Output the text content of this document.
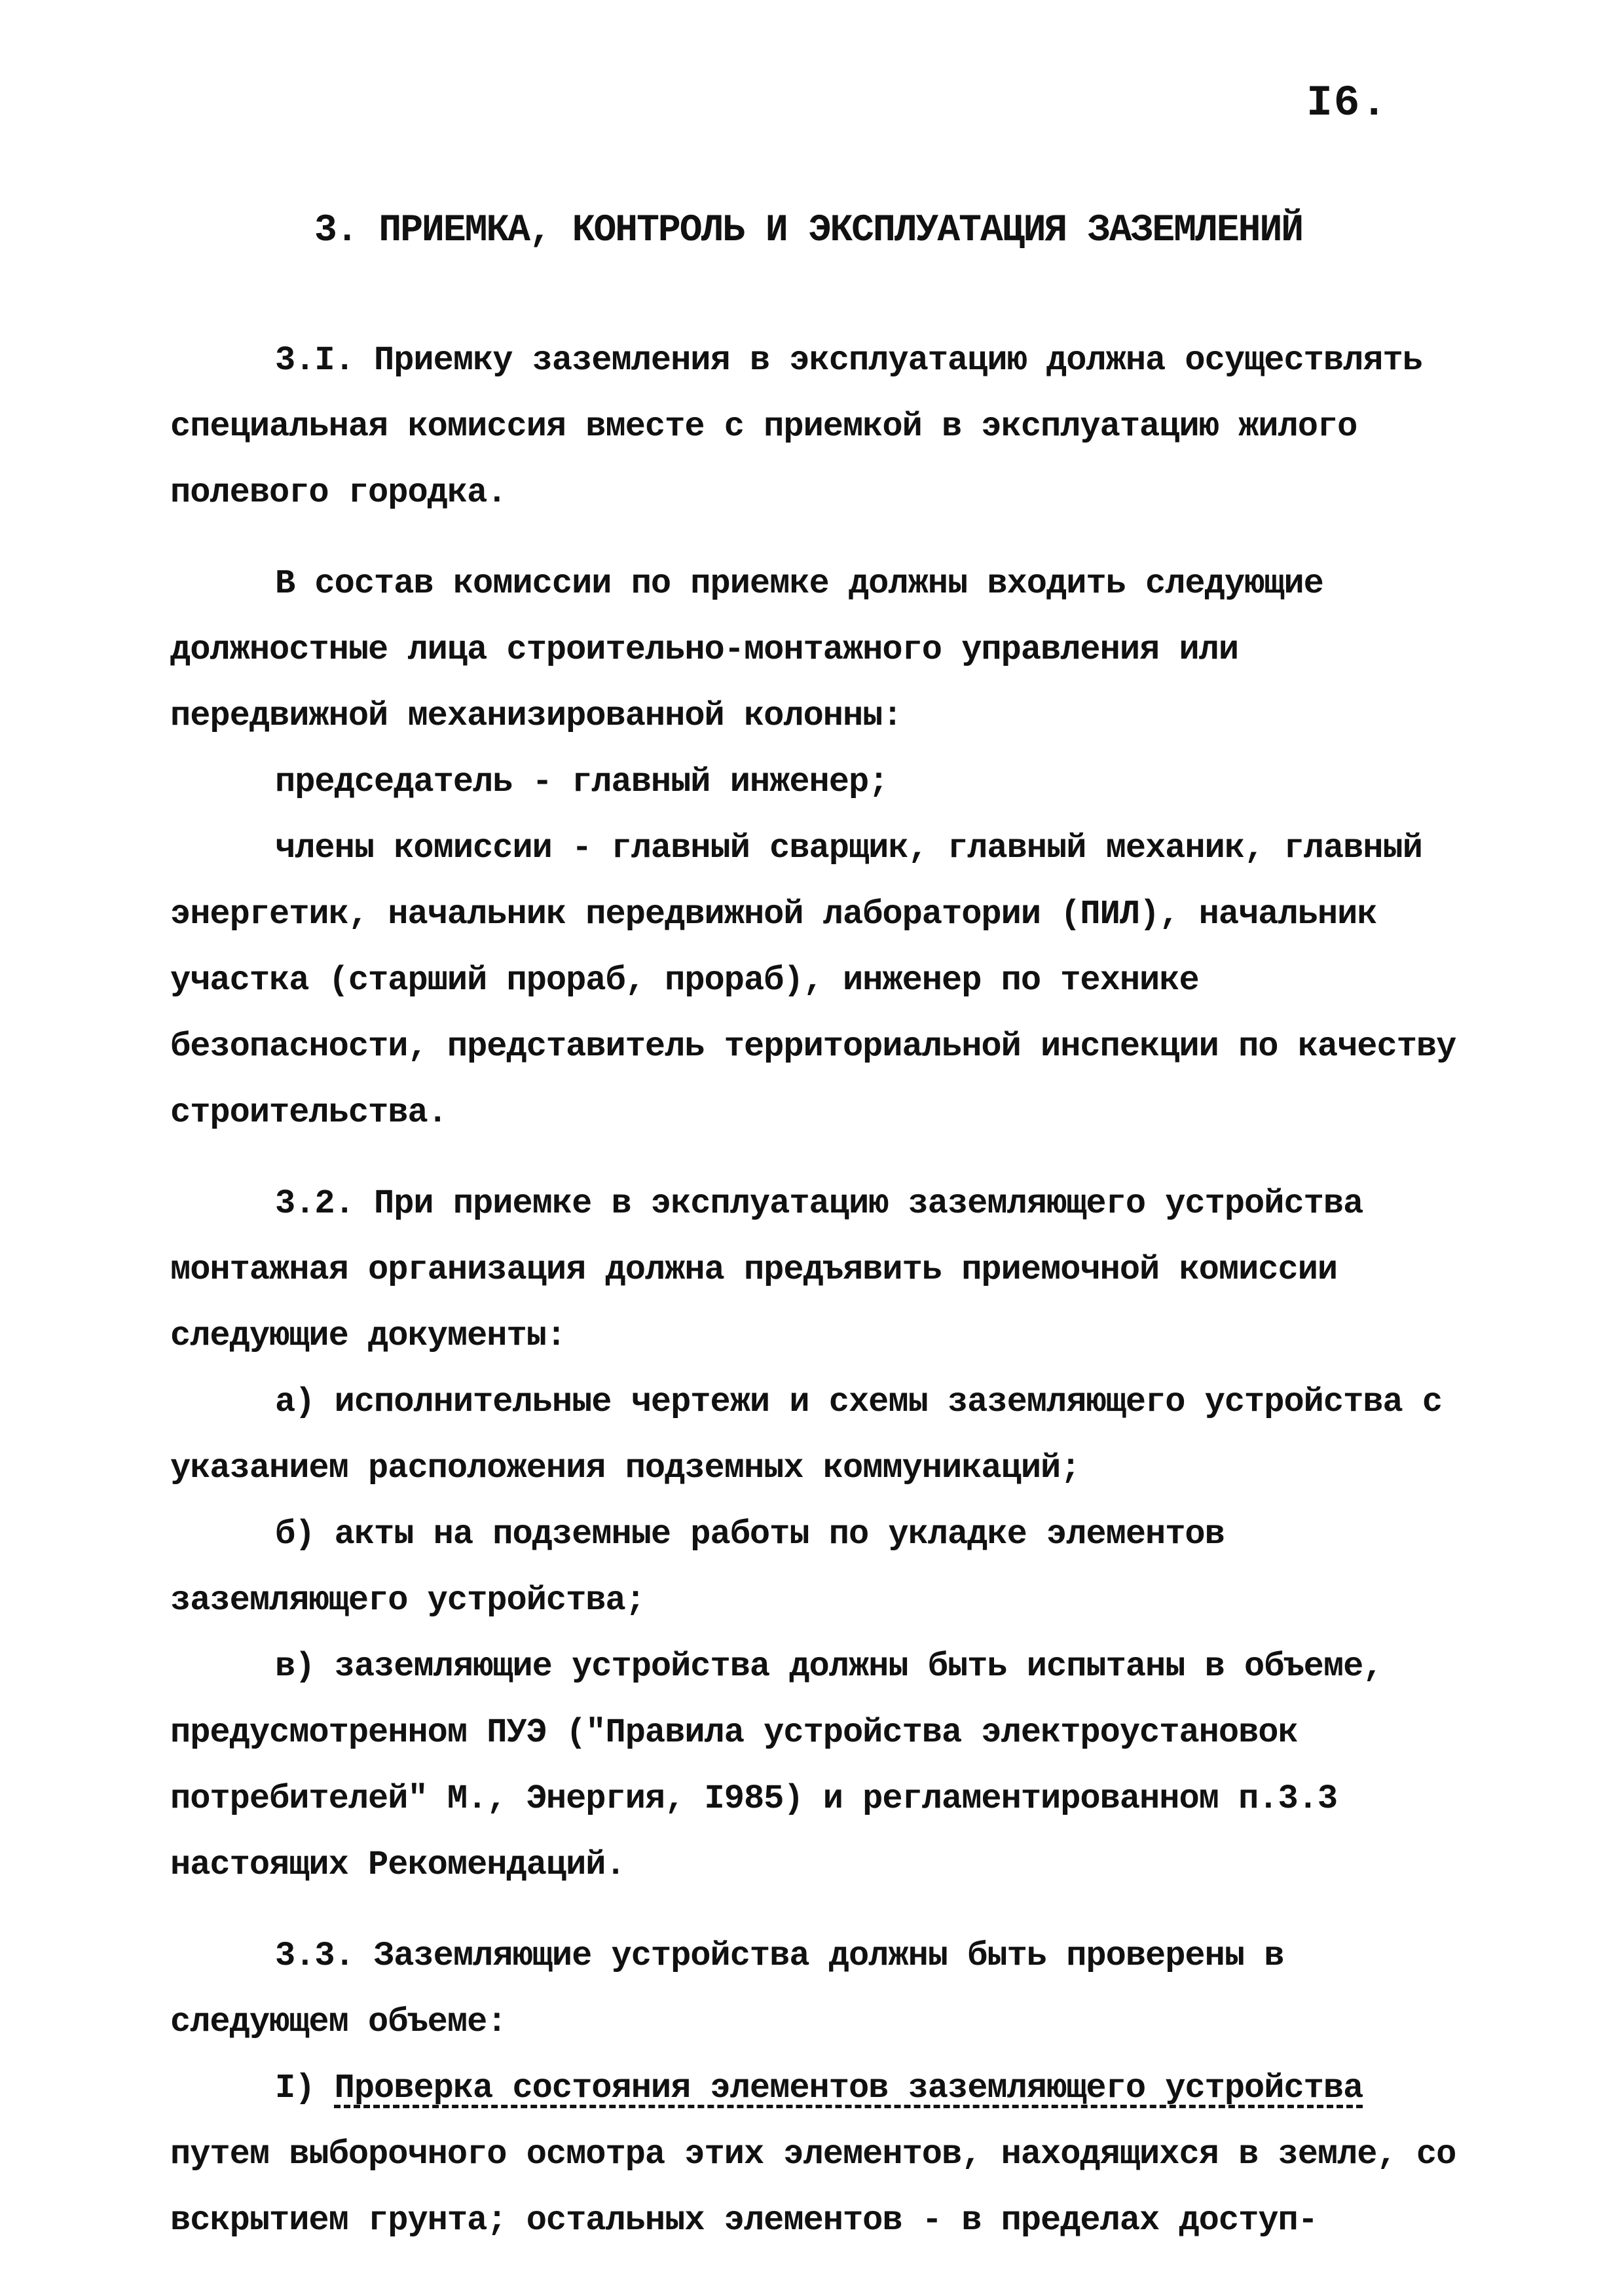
I6.
3. ПРИЕМКА, КОНТРОЛЬ И ЭКСПЛУАТАЦИЯ ЗАЗЕМЛЕНИЙ

3.I. Приемку заземления в эксплуатацию должна осуществлять специальная комиссия вместе с приемкой в эксплуатацию жилого полевого городка.

В состав комиссии по приемке должны входить следующие должностные лица строительно-монтажного управления или передвижной механизированной колонны:

председатель - главный инженер;

члены комиссии - главный сварщик, главный механик, главный энергетик, начальник передвижной лаборатории (ПИЛ), начальник участка (старший прораб, прораб), инженер по технике безопасности, представитель территориальной инспекции по качеству строительства.

3.2. При приемке в эксплуатацию заземляющего устройства монтажная организация должна предъявить приемочной комиссии следующие документы:

а) исполнительные чертежи и схемы заземляющего устройства с указанием расположения подземных коммуникаций;

б) акты на подземные работы по укладке элементов заземляющего устройства;

в) заземляющие устройства должны быть испытаны в объеме, предусмотренном ПУЭ ("Правила устройства электроустановок потребителей" М., Энергия, I985) и регламентированном п.3.3 настоящих Рекомендаций.

3.3. Заземляющие устройства должны быть проверены в следующем объеме:

I) Проверка состояния элементов заземляющего устройства путем выборочного осмотра этих элементов, находящихся в земле, со вскрытием грунта; остальных элементов - в пределах доступ-
